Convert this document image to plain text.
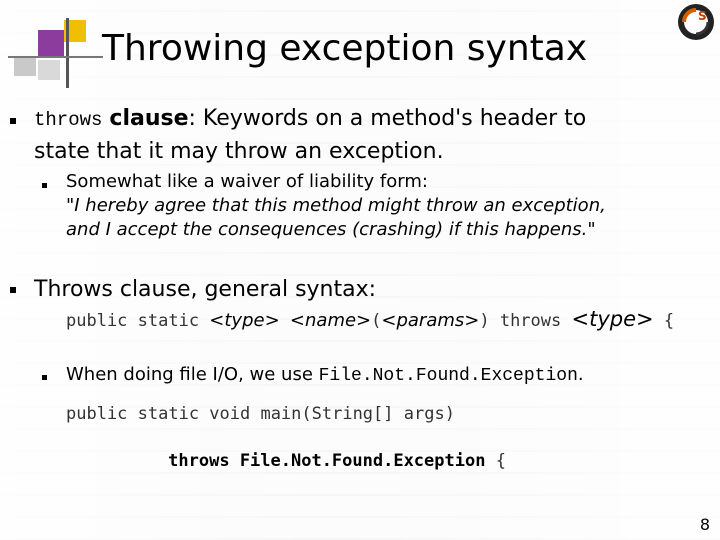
Throwing exception syntax
S
throws clause: Keywords on a method's header to
state that it may throw an exception.
Somewhat like a waiver of liability form:
"I hereby agree that this method might throw an exception,
and I accept the consequences (crashing) if this happens."
Throws clause, general syntax:
public static <type> <name>(<params>) throws <type> {
When doing file I/O, we use File.Not.Found.Exception.
public static void main(String[] args)

throws File.Not.Found.Exception {

8
